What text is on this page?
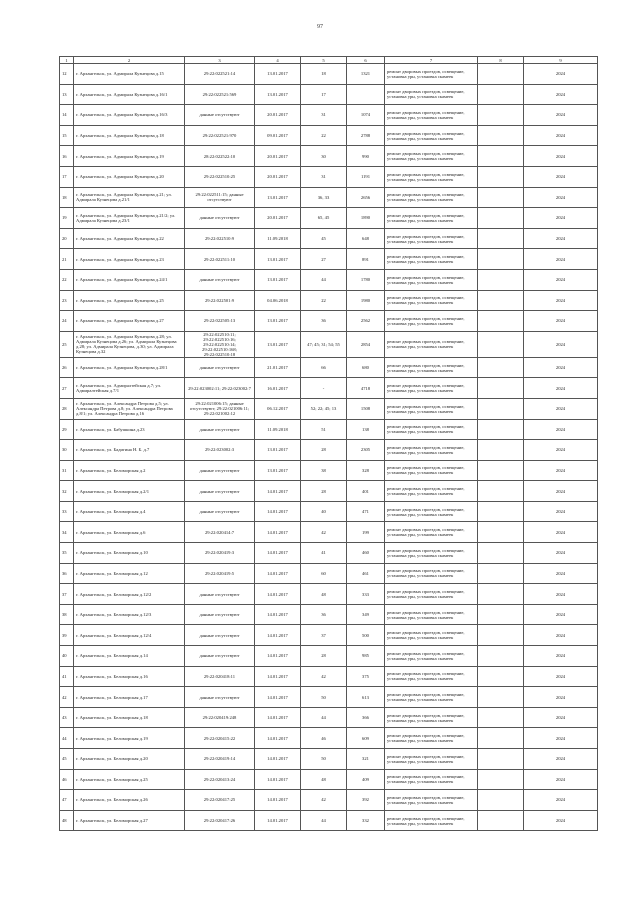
97
1	2	3	4	5	6	7	8	9
12	г. Архангельск, ул. Адмирала Кузнецова д.15	29:22:022521:14	13.01.2017	18	1321	ремонт дворовых проездов, освещение, установка урн, установка скамеек		2024
13	г. Архангельск, ул. Адмирала Кузнецова д.16/1	29:22:022521:569	13.01.2017	17		ремонт дворовых проездов, освещение, установка урн, установка скамеек		2024
14	г. Архангельск, ул. Адмирала Кузнецова д.16/3	данные отсутствуют	20.01.2017	31	1074	ремонт дворовых проездов, освещение, установка урн, установка скамеек		2024
15	г. Архангельск, ул. Адмирала Кузнецова д.18	29:22:022521:970	09.01.2017	22	2788	ремонт дворовых проездов, освещение, установка урн, установка скамеек		2024
16	г. Архангельск, ул. Адмирала Кузнецова д.19	28:22:022522:10	20.01.2017	30	990	ремонт дворовых проездов, освещение, установка урн, установка скамеек		2024
17	г. Архангельск, ул. Адмирала Кузнецова д.20	29:22:022510:25	20.01.2017	31	1191	ремонт дворовых проездов, освещение, установка урн, установка скамеек		2024
18	г. Архангельск, ул. Адмирала Кузнецова д.21; ул. Адмирала Кузнецова д.21/1	29:22:022511:15; данные отсутствуют	13.01.2017	36, 33	2656	ремонт дворовых проездов, освещение, установка урн, установка скамеек		2024
19	г. Архангельск, ул. Адмирала Кузнецова д.21/2; ул. Адмирала Кузнецова д.23/1	данные отсутствуют	20.01.2017	65, 45	1890	ремонт дворовых проездов, освещение, установка урн, установка скамеек		2024
20	г. Архангельск, ул. Адмирала Кузнецова д.22	29:22:022510:9	11.09.2018	45	648	ремонт дворовых проездов, освещение, установка урн, установка скамеек		2024
21	г. Архангельск, ул. Адмирала Кузнецова д.23	29:22:022511:10	13.01.2017	27	891	ремонт дворовых проездов, освещение, установка урн, установка скамеек		2024
22	г. Архангельск, ул. Адмирала Кузнецова д.24/1	данные отсутствуют	13.01.2017	44	1780	ремонт дворовых проездов, освещение, установка урн, установка скамеек		2024
23	г. Архангельск, ул. Адмирала Кузнецова д.25	29:22:022501:9	04.06.2018	22	1980	ремонт дворовых проездов, освещение, установка урн, установка скамеек		2024
24	г. Архангельск, ул. Адмирала Кузнецова д.27	29:22:022505:13	13.01.2017	36	2562	ремонт дворовых проездов, освещение, установка урн, установка скамеек		2024
25	г. Архангельск, ул. Адмирала Кузнецова д.28; ул. Адмирала Кузнецова д.26; ул. Адмирала Кузнецова д.28; ул. Адмирала Кузнецова, д.30; ул. Адмирала Кузнецова д.32	29:22:022510:11; 29:22:022510:16; 29:22:022510:14; 29:22:022510:168; 29:22:022510:18	13.01.2017	47; 45; 31; 54; 55	2854	ремонт дворовых проездов, освещение, установка урн, установка скамеек		2024
26	г. Архангельск, ул. Адмирала Кузнецова д.28/1	данные отсутствуют	21.01.2017	66	680	ремонт дворовых проездов, освещение, установка урн, установка скамеек		2024
27	г. Архангельск, ул. Адмиралтейская д.7; ул. Адмиралтейская д.7/1	29:22:023002:11; 29:22:023002:7	16.01.2017	-	4718	ремонт дворовых проездов, освещение, установка урн, установка скамеек		2024
28	г. Архангельск, ул. Александра Петрова д.5; ул. Александра Петрова д.8; ул. Александра Петрова д.8/1; ул. Александра Петрова д.16	29:22:021006:15; данные отсутствуют; 29:22:021006:11; 29:22:021002:12	06.12.2017	52; 22; 45; 13	1508	ремонт дворовых проездов, освещение, установка урн, установка скамеек		2024
29	г. Архангельск, ул. Бабушкина д.23	данные отсутствуют	11.09.2018	51	138	ремонт дворовых проездов, освещение, установка урн, установка скамеек		2024
30	г. Архангельск, ул. Бадигина Н. Б. д.7	29:22:023002:3	13.01.2017	28	2305	ремонт дворовых проездов, освещение, установка урн, установка скамеек		2024
31	г. Архангельск, ул. Беломорская д.2	данные отсутствуют	13.01.2017	38	328	ремонт дворовых проездов, освещение, установка урн, установка скамеек		2024
32	г. Архангельск, ул. Беломорская д.2/1	данные отсутствуют	14.01.2017	28	401	ремонт дворовых проездов, освещение, установка урн, установка скамеек		2024
33	г. Архангельск, ул. Беломорская д.4	данные отсутствуют	14.01.2017	40	471	ремонт дворовых проездов, освещение, установка урн, установка скамеек		2024
34	г. Архангельск, ул. Беломорская д.6	29:22:020414:7	14.01.2017	42	199	ремонт дворовых проездов, освещение, установка урн, установка скамеек		2024
35	г. Архангельск, ул. Беломорская д.10	29:22:020419:3	14.01.2017	41	460	ремонт дворовых проездов, освещение, установка урн, установка скамеек		2024
36	г. Архангельск, ул. Беломорская д.12	29:22:020419:5	14.01.2017	60	461	ремонт дворовых проездов, освещение, установка урн, установка скамеек		2024
37	г. Архангельск, ул. Беломорская д.12/2	данные отсутствуют	14.01.2017	48	333	ремонт дворовых проездов, освещение, установка урн, установка скамеек		2024
38	г. Архангельск, ул. Беломорская д.12/3	данные отсутствуют	14.01.2017	36	349	ремонт дворовых проездов, освещение, установка урн, установка скамеек		2024
39	г. Архангельск, ул. Беломорская д.12/4	данные отсутствуют	14.01.2017	37	500	ремонт дворовых проездов, освещение, установка урн, установка скамеек		2024
40	г. Архангельск, ул. Беломорская д.14	данные отсутствуют	14.01.2017	28	985	ремонт дворовых проездов, освещение, установка урн, установка скамеек		2024
41	г. Архангельск, ул. Беломорская д.16	29:22:020418:11	14.01.2017	42	375	ремонт дворовых проездов, освещение, установка урн, установка скамеек		2024
42	г. Архангельск, ул. Беломорская д.17	данные отсутствуют	14.01.2017	50	613	ремонт дворовых проездов, освещение, установка урн, установка скамеек		2024
43	г. Архангельск, ул. Беломорская д.18	29:22:020419:248	14.01.2017	44	366	ремонт дворовых проездов, освещение, установка урн, установка скамеек		2024
44	г. Архангельск, ул. Беломорская д.19	29:22:020415:22	14.01.2017	46	609	ремонт дворовых проездов, освещение, установка урн, установка скамеек		2024
45	г. Архангельск, ул. Беломорская д.20	29:22:020419:14	14.01.2017	50	321	ремонт дворовых проездов, освещение, установка урн, установка скамеек		2024
46	г. Архангельск, ул. Беломорская д.25	29:22:020413:24	14.01.2017	48	409	ремонт дворовых проездов, освещение, установка урн, установка скамеек		2024
47	г. Архангельск, ул. Беломорская д.26	29:22:020417:25	14.01.2017	42	392	ремонт дворовых проездов, освещение, установка урн, установка скамеек		2024
48	г. Архангельск, ул. Беломорская д.27	29:22:020417:26	14.01.2017	44	332	ремонт дворовых проездов, освещение, установка урн, установка скамеек		2024
